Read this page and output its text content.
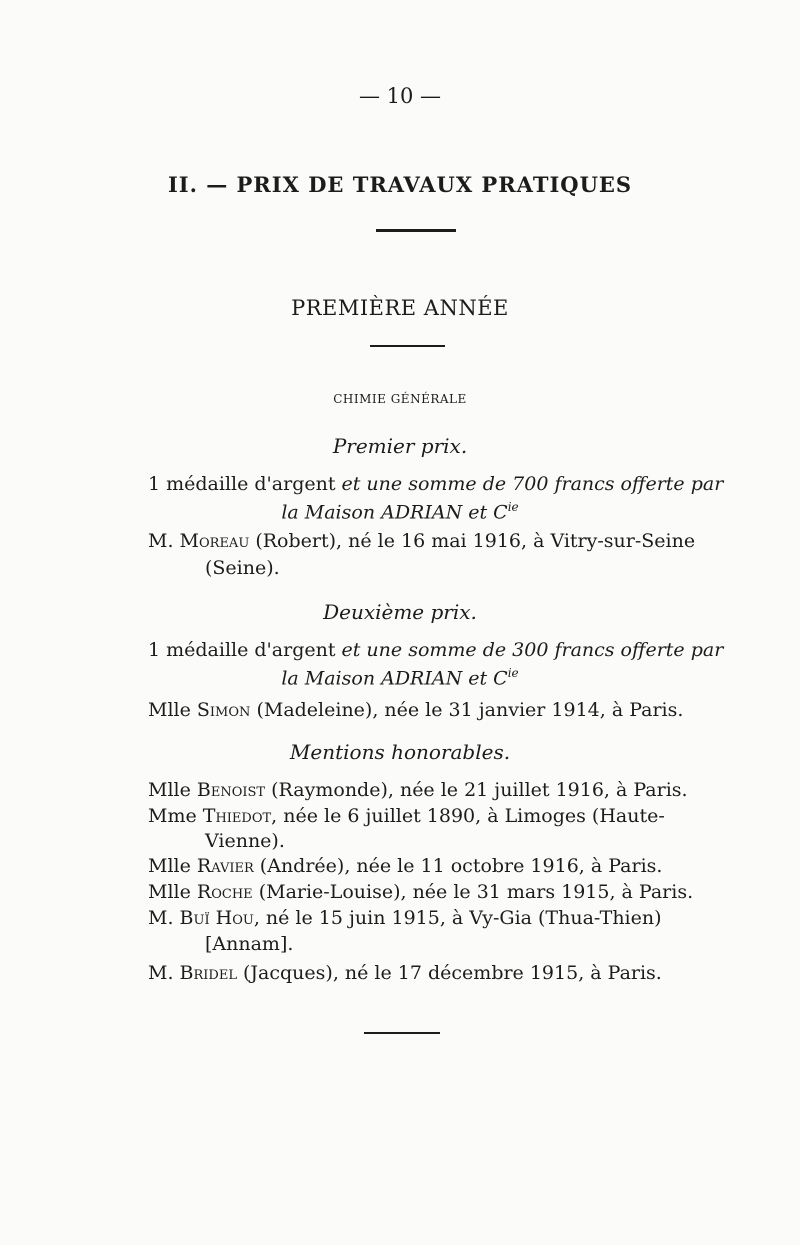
— 10 —
II. — PRIX DE TRAVAUX PRATIQUES
PREMIÈRE ANNÉE
CHIMIE GÉNÉRALE
Premier prix.
1 médaille d'argent et une somme de 700 francs offerte par
la Maison ADRIAN et $C^{ie}$
M. Moreau (Robert), né le 16 mai 1916, à Vitry-sur-Seine
(Seine).
Deuxième prix.
1 médaille d'argent et une somme de 300 francs offerte par
la Maison ADRIAN et $C^{ie}$
Mlle Simon (Madeleine), née le 31 janvier 1914, à Paris.
Mentions honorables.
Mlle Benoist (Raymonde), née le 21 juillet 1916, à Paris.
Mme Thiedot, née le 6 juillet 1890, à Limoges (Haute-
Vienne).
Mlle Ravier (Andrée), née le 11 octobre 1916, à Paris.
Mlle Roche (Marie-Louise), née le 31 mars 1915, à Paris.
M. Buï Hou, né le 15 juin 1915, à Vy-Gia (Thua-Thien)
[Annam].
M. Bridel (Jacques), né le 17 décembre 1915, à Paris.
